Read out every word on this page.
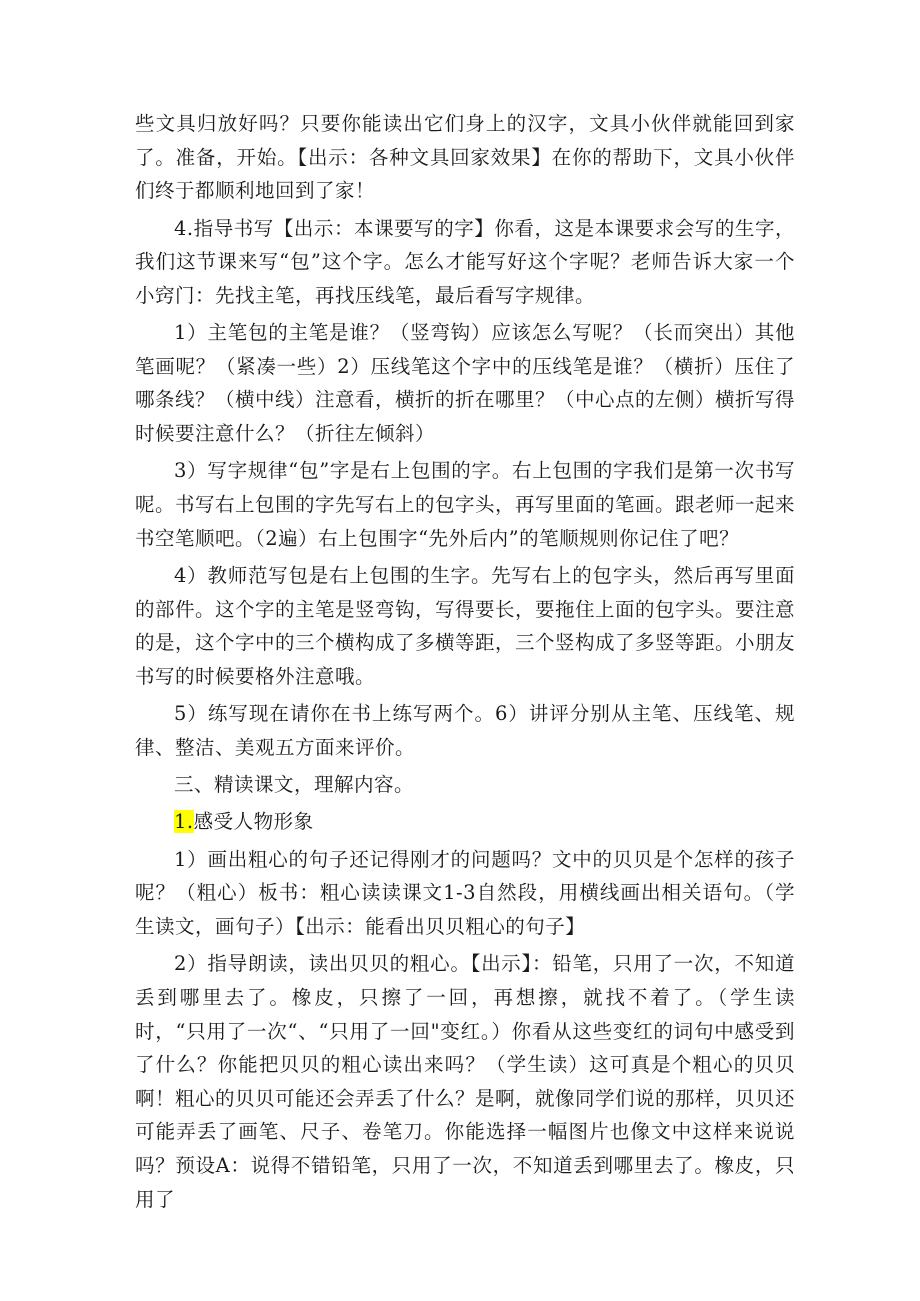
些文具归放好吗？只要你能读出它们身上的汉字，文具小伙伴就能回到家了。准备，开始。【出示：各种文具回家效果】在你的帮助下，文具小伙伴们终于都顺利地回到了家！

4.指导书写【出示：本课要写的字】你看，这是本课要求会写的生字，我们这节课来写“包”这个字。怎么才能写好这个字呢？老师告诉大家一个小窍门：先找主笔，再找压线笔，最后看写字规律。

1）主笔包的主笔是谁？（竖弯钩）应该怎么写呢？（长而突出）其他笔画呢？（紧凑一些）2）压线笔这个字中的压线笔是谁？（横折）压住了哪条线？（横中线）注意看，横折的折在哪里？（中心点的左侧）横折写得时候要注意什么？（折往左倾斜）

3）写字规律“包”字是右上包围的字。右上包围的字我们是第一次书写呢。书写右上包围的字先写右上的包字头，再写里面的笔画。跟老师一起来书空笔顺吧。（2遍）右上包围字“先外后内”的笔顺规则你记住了吧？

4）教师范写包是右上包围的生字。先写右上的包字头，然后再写里面的部件。这个字的主笔是竖弯钩，写得要长，要拖住上面的包字头。要注意的是，这个字中的三个横构成了多横等距，三个竖构成了多竖等距。小朋友书写的时候要格外注意哦。

5）练写现在请你在书上练写两个。6）讲评分别从主笔、压线笔、规律、整洁、美观五方面来评价。

三、精读课文，理解内容。

1.感受人物形象

1）画出粗心的句子还记得刚才的问题吗？文中的贝贝是个怎样的孩子呢？（粗心）板书：粗心读读课文1-3自然段，用横线画出相关语句。（学生读文，画句子）【出示：能看出贝贝粗心的句子】

2）指导朗读，读出贝贝的粗心。【出示】：铅笔，只用了一次，不知道丢到哪里去了。橡皮，只擦了一回，再想擦，就找不着了。（学生读时，“只用了一次“、“只用了一回"变红。）你看从这些变红的词句中感受到了什么？你能把贝贝的粗心读出来吗？（学生读）这可真是个粗心的贝贝啊！粗心的贝贝可能还会弄丢了什么？是啊，就像同学们说的那样，贝贝还可能弄丢了画笔、尺子、卷笔刀。你能选择一幅图片也像文中这样来说说吗？预设A：说得不错铅笔，只用了一次，不知道丢到哪里去了。橡皮，只用了
